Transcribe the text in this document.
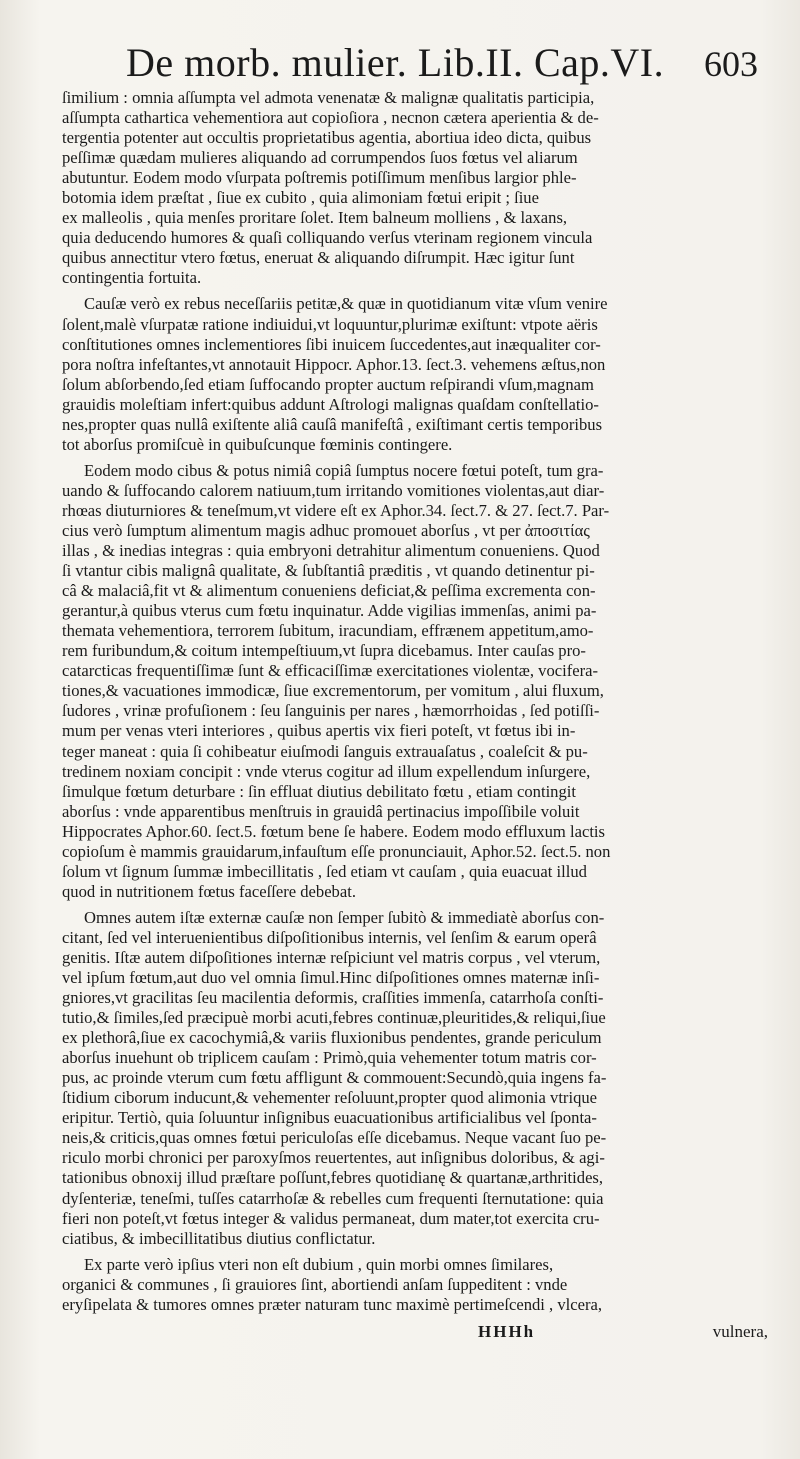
De morb. mulier. Lib.II. Cap.VI. 603
ſimilium : omnia aſſumpta vel admota venenatæ & malignæ qualitatis participia,
aſſumpta cathartica vehementiora aut copioſiora , necnon cætera aperientia & de-
tergentia potenter aut occultis proprietatibus agentia, abortiua ideo dicta, quibus
peſſimæ quædam mulieres aliquando ad corrumpendos ſuos fœtus vel aliarum
abutuntur. Eodem modo vſurpata poſtremis potiſſimum menſibus largior phle-
botomia idem præſtat , ſiue ex cubito , quia alimoniam fœtui eripit ; ſiue
ex malleolis , quia menſes proritare ſolet. Item balneum molliens , & laxans,
quia deducendo humores & quaſi colliquando verſus vterinam regionem vincula
quibus annectitur vtero fœtus, eneruat & aliquando diſrumpit. Hæc igitur ſunt
contingentia fortuita.
Cauſæ verò ex rebus neceſſariis petitæ,& quæ in quotidianum vitæ vſum venire
ſolent,malè vſurpatæ ratione indiuidui,vt loquuntur,plurimæ exiſtunt: vtpote aëris
conſtitutiones omnes inclementiores ſibi inuicem ſuccedentes,aut inæqualiter cor-
pora noſtra infeſtantes,vt annotauit Hippocr. Aphor.13. ſect.3. vehemens æſtus,non
ſolum abſorbendo,ſed etiam ſuffocando propter auctum reſpirandi vſum,magnam
grauidis moleſtiam infert:quibus addunt Aſtrologi malignas quaſdam conſtellatio-
nes,propter quas nullâ exiſtente aliâ cauſâ manifeſtâ , exiſtimant certis temporibus
tot aborſus promiſcuè in quibuſcunque fœminis contingere.
Eodem modo cibus & potus nimiâ copiâ ſumptus nocere fœtui poteſt, tum gra-
uando & ſuffocando calorem natiuum,tum irritando vomitiones violentas,aut diar-
rhœas diuturniores & teneſmum,vt videre eſt ex Aphor.34. ſect.7. & 27. ſect.7. Par-
cius verò ſumptum alimentum magis adhuc promouet aborſus , vt per ἀποσιτίας
illas , & inedias integras : quia embryoni detrahitur alimentum conueniens. Quod
ſi vtantur cibis malignâ qualitate, & ſubſtantiâ præditis , vt quando detinentur pi-
câ & malaciâ,fit vt & alimentum conueniens deficiat,& peſſima excrementa con-
gerantur,à quibus vterus cum fœtu inquinatur. Adde vigilias immenſas, animi pa-
themata vehementiora, terrorem ſubitum, iracundiam, effrænem appetitum,amo-
rem furibundum,& coitum intempeſtiuum,vt ſupra dicebamus. Inter cauſas pro-
catarcticas frequentiſſimæ ſunt & efficaciſſimæ exercitationes violentæ, vocifera-
tiones,& vacuationes immodicæ, ſiue excrementorum, per vomitum , alui fluxum,
ſudores , vrinæ profuſionem : ſeu ſanguinis per nares , hæmorrhoidas , ſed potiſſi-
mum per venas vteri interiores , quibus apertis vix fieri poteſt, vt fœtus ibi in-
teger maneat : quia ſi cohibeatur eiuſmodi ſanguis extrauaſatus , coaleſcit & pu-
tredinem noxiam concipit : vnde vterus cogitur ad illum expellendum inſurgere,
ſimulque fœtum deturbare : ſin effluat diutius debilitato fœtu , etiam contingit
aborſus : vnde apparentibus menſtruis in grauidâ pertinacius impoſſibile voluit
Hippocrates Aphor.60. ſect.5. fœtum bene ſe habere. Eodem modo effluxum lactis
copioſum è mammis grauidarum,infauſtum eſſe pronunciauit, Aphor.52. ſect.5. non
ſolum vt ſignum ſummæ imbecillitatis , ſed etiam vt cauſam , quia euacuat illud
quod in nutritionem fœtus faceſſere debebat.
Omnes autem iſtæ externæ cauſæ non ſemper ſubitò & immediatè aborſus con-
citant, ſed vel interuenientibus diſpoſitionibus internis, vel ſenſim & earum operâ
genitis. Iſtæ autem diſpoſitiones internæ reſpiciunt vel matris corpus , vel vterum,
vel ipſum fœtum,aut duo vel omnia ſimul.Hinc diſpoſitiones omnes maternæ inſi-
gniores,vt gracilitas ſeu macilentia deformis, craſſities immenſa, catarrhoſa conſti-
tutio,& ſimiles,ſed præcipuè morbi acuti,febres continuæ,pleuritides,& reliqui,ſiue
ex plethorâ,ſiue ex cacochymiâ,& variis fluxionibus pendentes, grande periculum
aborſus inuehunt ob triplicem cauſam : Primò,quia vehementer totum matris cor-
pus, ac proinde vterum cum fœtu affligunt & commouent:Secundò,quia ingens fa-
ſtidium ciborum inducunt,& vehementer reſoluunt,propter quod alimonia vtrique
eripitur. Tertiò, quia ſoluuntur inſignibus euacuationibus artificialibus vel ſponta-
neis,& criticis,quas omnes fœtui periculoſas eſſe dicebamus. Neque vacant ſuo pe-
riculo morbi chronici per paroxyſmos reuertentes, aut inſignibus doloribus, & agi-
tationibus obnoxij illud præſtare poſſunt,febres quotidianę & quartanæ,arthritides,
dyſenteriæ, teneſmi, tuſſes catarrhoſæ & rebelles cum frequenti ſternutatione: quia
fieri non poteſt,vt fœtus integer & validus permaneat, dum mater,tot exercita cru-
ciatibus, & imbecillitatibus diutius conflictatur.
Ex parte verò ipſius vteri non eſt dubium , quin morbi omnes ſimilares,
organici & communes , ſi grauiores ſint, abortiendi anſam ſuppeditent : vnde
eryſipelata & tumores omnes præter naturam tunc maximè pertimeſcendi , vlcera,
HHHh	vulnera,
